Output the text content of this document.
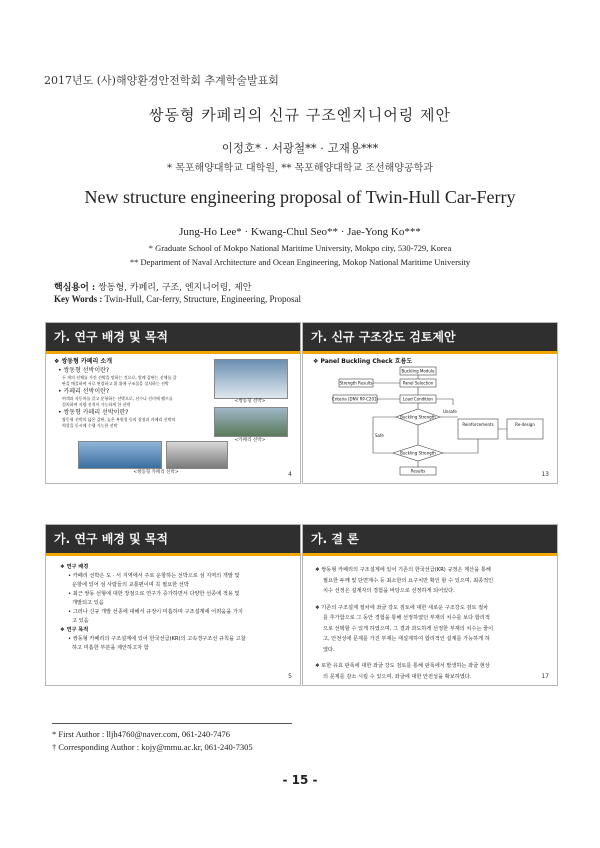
2017년도 (사)해양환경안전학회 추계학술발표회
쌍동형 카페리의 신규 구조엔지니어링 제안
이정호* · 서광철** · 고재용***
* 목포해양대학교 대학원, ** 목포해양대학교 조선해양공학과
New structure engineering proposal of Twin-Hull Car-Ferry
Jung-Ho Lee* · Kwang-Chul Seo** · Jae-Yong Ko***
* Graduate School of Mokpo National Maritime University, Mokpo city, 530-729, Korea
** Department of Naval Architecture and Ocean Engineering, Mokop National Maritime University
핵심용어 : 쌍동형, 카페리, 구조, 엔지니어링, 제안
Key Words : Twin-Hull, Car-ferry, Structure, Engineering, Proposal
가. 연구 배경 및 목적
❖ 쌍동형 카페리 소개
• 쌍동형 선박이란?
두 개의 선체를 가진 선박을 말하는 것으로, 별배 갑판는 선체를 갑
판을 매플하여 서로 연결하고 위 위에 구조물을 설치하는 선박
• 카페리 선박이란?
여객과 자동차를 같고 운항하는 선박으로, 선수나 선미에 램프를
설치하여 자량 선적이 가능하게 한 선박
• 쌍동형 카페리 선박이란?
쌍동형 선박의 넓은 갑판, 높은 복원성 등의 장점과 카페리 선박의
역할을 동시에 수행 가능한 선박
<쌍동형 선박>
<카페리 선박>
<쌍동형 카페리 선박>	4
가. 신규 구조강도 검토제안
❖ Panel Buckling Check 흐름도
Buckling Module
Strength Results	Panel Selection
Criteria (DNV RP-C201)	Load Condition
Buckling Strength
Reinforcements	Re-design
Buckling Strength
Results
Safe
Unsafe
13
가. 연구 배경 및 목적
❖ 연구 배경
• 카페리 선박은 도 · 서 지역에서 주로 운항하는 선박으로 섬 지역의 개발 및
운항에 있어 섬 사람들의 교통편이며 꼭 필요한 선박
• 최근 쌍동 선형에 대한 장점으로 연구가 증가하면서 다양한 선종에 적용 및
개발되고 있음
• 그러나 신규 개발 선종에 대해서 규정이 미흡하며 구조설계에 어려움을 가지
고 있음
❖ 연구 목적
• 쌍동형 카페리의 구조설계에 있어 한국선급(KR)의 고속경구조선 규칙을 고찰
하고 미흡한 부분을 제안하고자 함
5
가. 결 론
❖ 쌍동형 카페리의 구조설계에 있어 기존의 한국선급(KR) 규정은 계산을 통해
필요한 두께 및 단면계수 등 최소한의 요구치만 확인 할 수 있으며, 최종적인
치수 선정은 설계자의 경험을 바탕으로 선정하게 되어있다.
❖ 기존의 구조설계 절차에 좌굴 강도 검토에 대한 새로운 구조강도 검토 절차
를 추가함으로 그 동안 경험을 통해 선정하였던 부재의 치수를 보다 합리적
으로 선택할 수 있게 하였으며, 그 결과 과도하게 선정한 부재의 치수는 줄이
고, 안전성에 문제를 가진 부재는 재설계하여 합리적인 설계를 가능하게 하
였다.
❖ 또한 유효 판폭에 대한 좌굴 강도 검토를 통해 판폭에서 발생하는 좌굴 현상
의 문제를 감소 시킬 수 있으며, 좌굴에 대한 안전성을 확보하였다.	17
* First Author : lljh4760@naver.com, 061-240-7476
† Corresponding Author : kojy@mmu.ac.kr, 061-240-7305
- 15 -
